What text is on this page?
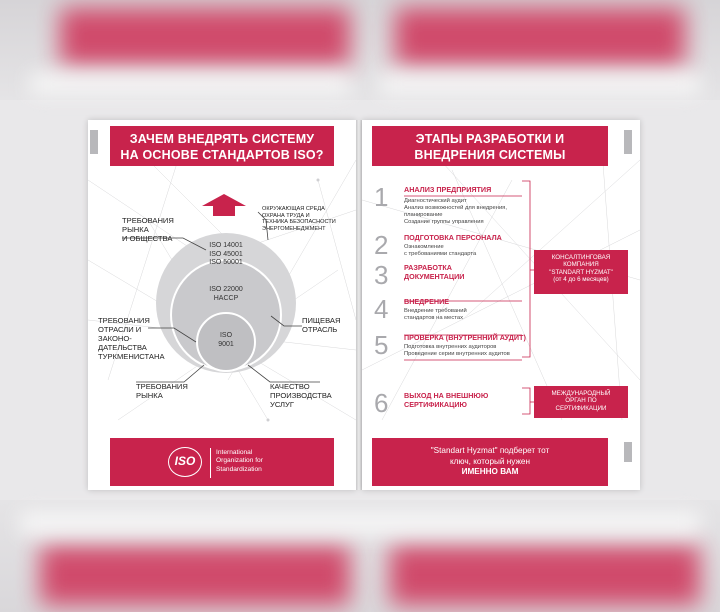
ЗАЧЕМ ВНЕДРЯТЬ СИСТЕМУ
НА ОСНОВЕ СТАНДАРТОВ ISO?
ТРЕБОВАНИЯ
РЫНКА
И ОБЩЕСТВА
ОКРУЖАЮЩАЯ СРЕДА
ОХРАНА ТРУДА И
ТЕХНИКА БЕЗОПАСНОСТИ
ЭНЕРГОМЕНЕДЖМЕНТ
ISO 14001
ISO 45001
ISO 50001
ISO 22000
HACCP
ISO
9001
ТРЕБОВАНИЯ
ОТРАСЛИ И
ЗАКОНО-
ДАТЕЛЬСТВА
ТУРКМЕНИСТАНА
ПИЩЕВАЯ
ОТРАСЛЬ
ТРЕБОВАНИЯ
РЫНКА
КАЧЕСТВО
ПРОИЗВОДСТВА
УСЛУГ
ISO
International
Organization for
Standardization
ЭТАПЫ РАЗРАБОТКИ И
ВНЕДРЕНИЯ СИСТЕМЫ
1 АНАЛИЗ ПРЕДПРИЯТИЯ
Диагностический аудит
Анализ возможностей для внедрения,
планирование
Создание группы управления
2 ПОДГОТОВКА ПЕРСОНАЛА
Ознакомление
с требованиями стандарта
3 РАЗРАБОТКА
ДОКУМЕНТАЦИИ
4 ВНЕДРЕНИЕ
Внедрение требований
стандартов на местах
5 ПРОВЕРКА (ВНУТРЕННИЙ АУДИТ)
Подготовка внутренних аудиторов
Проведение серии внутренних аудитов
6 ВЫХОД НА ВНЕШНЮЮ
СЕРТИФИКАЦИЮ
КОНСАЛТИНГОВАЯ
КОМПАНИЯ
"STANDART HYZMAT"
(от 4 до 6 месяцев)
МЕЖДУНАРОДНЫЙ
ОРГАН ПО
СЕРТИФИКАЦИИ
"Standart Hyzmat" подберет тот
ключ, который нужен
ИМЕННО ВАМ
